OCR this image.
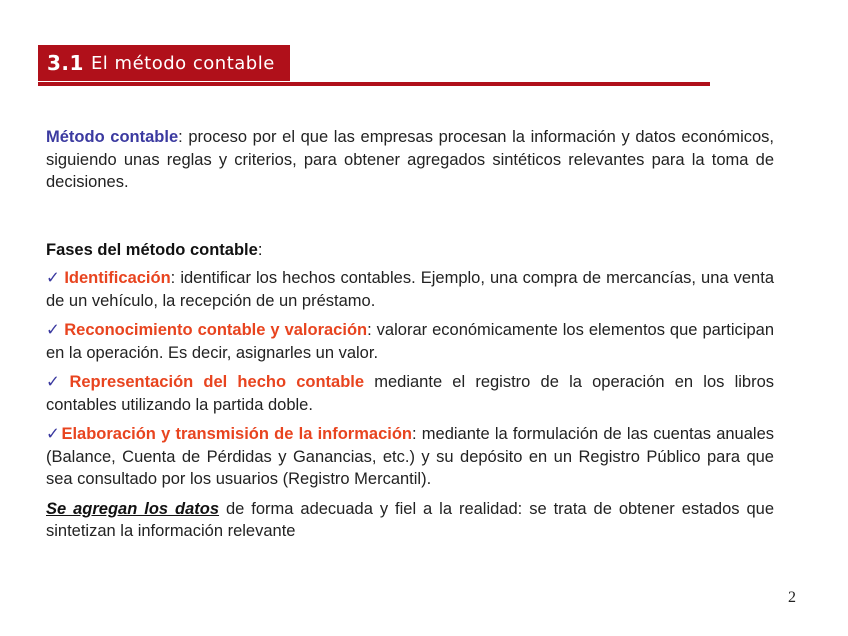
3.1 El método contable

Método contable: proceso por el que las empresas procesan la información y datos económicos, siguiendo unas reglas y criterios, para obtener agregados sintéticos relevantes para la toma de decisiones.

Fases del método contable:

✓ Identificación: identificar los hechos contables. Ejemplo, una compra de mercancías, una venta de un vehículo, la recepción de un préstamo.

✓ Reconocimiento contable y valoración: valorar económicamente los elementos que participan en la operación. Es decir, asignarles un valor.

✓ Representación del hecho contable mediante el registro de la operación en los libros contables utilizando la partida doble.

✓Elaboración y transmisión de la información: mediante la formulación de las cuentas anuales (Balance, Cuenta de Pérdidas y Ganancias, etc.) y su depósito en un Registro Público para que sea consultado por los usuarios (Registro Mercantil).

Se agregan los datos de forma adecuada y fiel a la realidad: se trata de obtener estados que sintetizan la información relevante

2
